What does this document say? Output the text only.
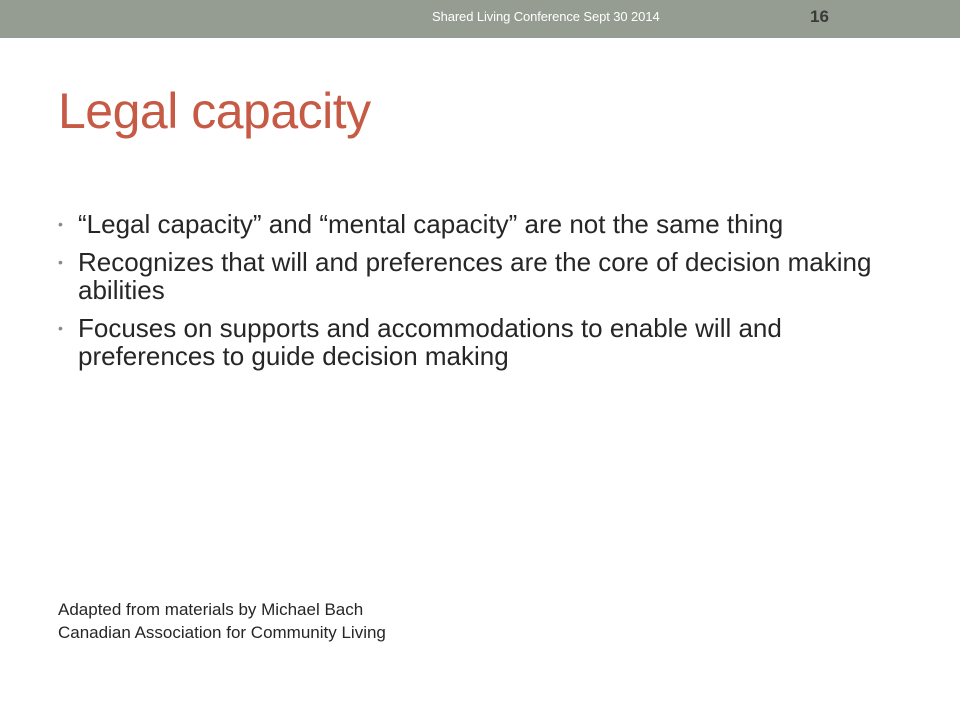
Shared Living Conference Sept 30 2014	16
Legal capacity
• “Legal capacity” and “mental capacity” are not the same thing
• Recognizes that will and preferences are the core of decision making abilities
• Focuses on supports and accommodations to enable will and preferences to guide decision making
Adapted from materials by Michael Bach
Canadian Association for Community Living
